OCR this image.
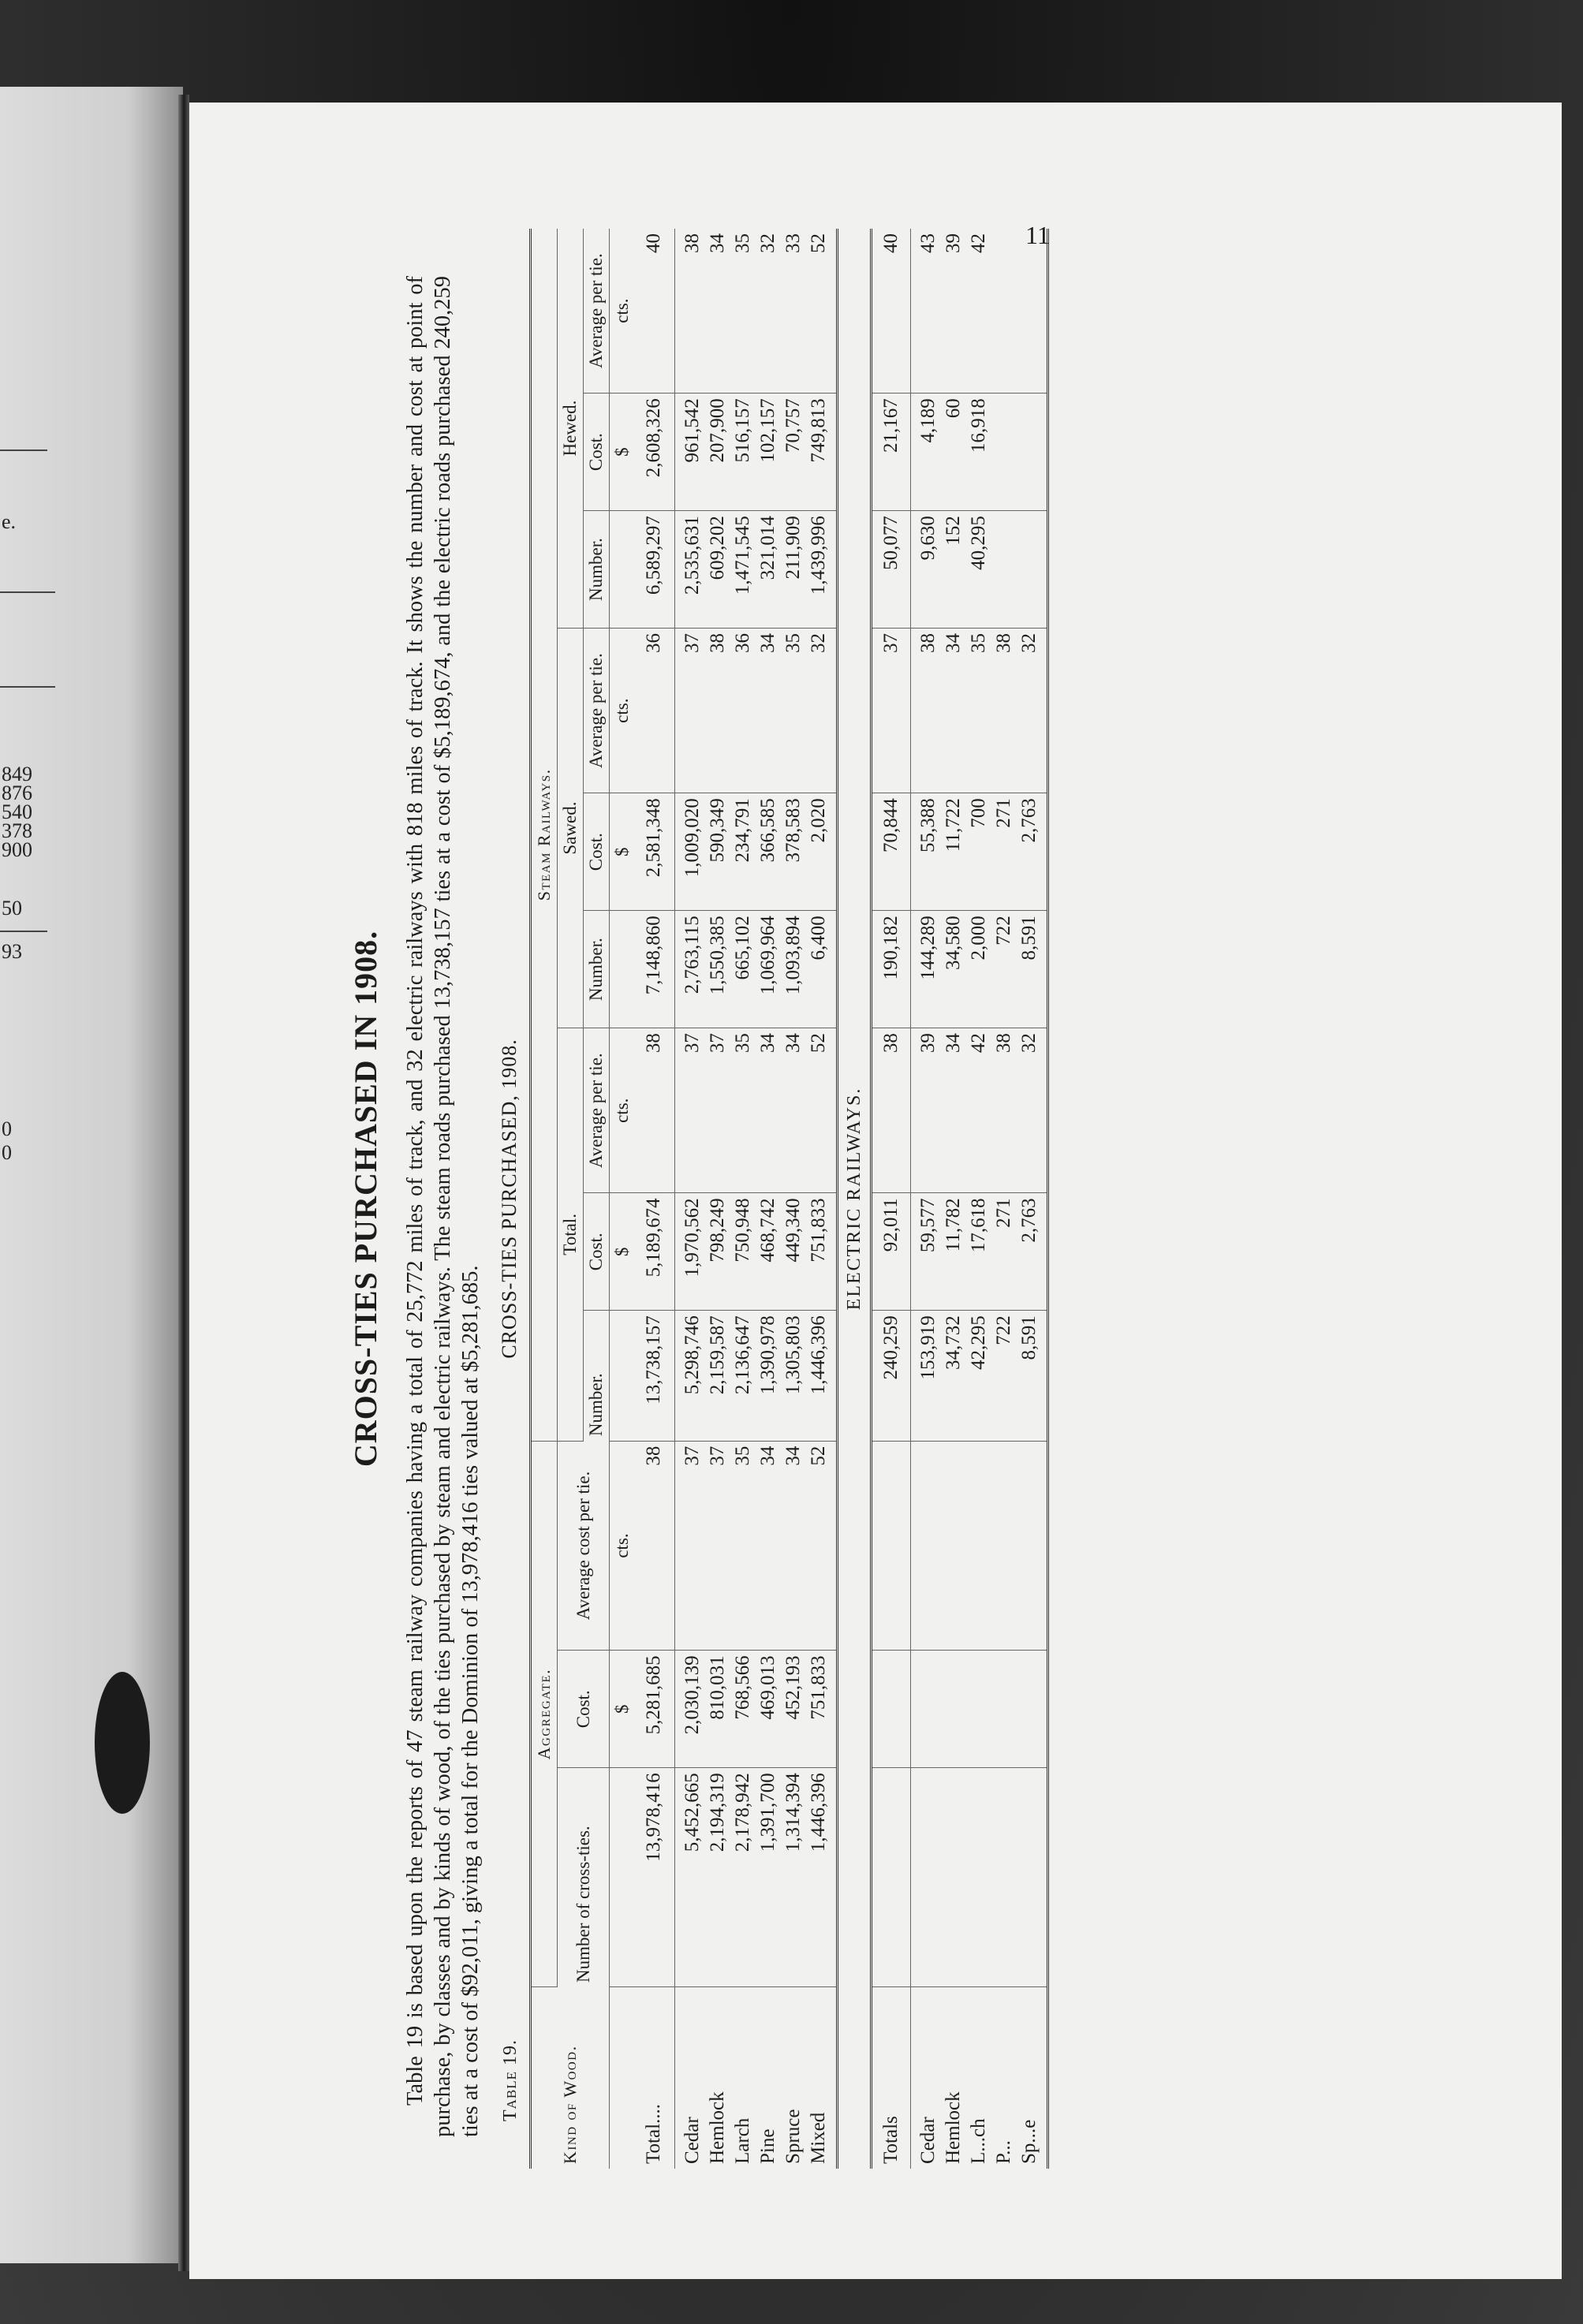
e.
849
876
540
378
900
50
93
0
0
11
CROSS-TIES PURCHASED IN 1908. Table 19 is based upon the reports of 47 steam railway companies having a total of 25,772 miles of track, and 32 electric railways with 818 miles of track. It shows the number and cost at point of purchase, by classes and by kinds of wood, of the ties purchased by steam and electric railways. The steam roads purchased 13,738,157 ties at a cost of $5,189,674, and the electric roads purchased 240,259 ties at a cost of $92,011, giving a total for the Dominion of 13,978,416 ties valued at $5,281,685. Table 19.
CROSS-TIES PURCHASED, 1908.
Kind of Wood.	Aggregate.			Steam Railways.								
	Number of cross-ties.	Cost.	Average cost per tie.	Total.			Sawed.			Hewed.		
				Number.	Cost.	Average per tie.	Number.	Cost.	Average per tie.	Number.	Cost.	Average per tie.
		$	cts.		$	cts.		$	cts.		$	cts.
Total....	13,978,416	5,281,685	38	13,738,157	5,189,674	38	7,148,860	2,581,348	36	6,589,297	2,608,326	40
Cedar	5,452,665	2,030,139	37	5,298,746	1,970,562	37	2,763,115	1,009,020	37	2,535,631	961,542	38
Hemlock	2,194,319	810,031	37	2,159,587	798,249	37	1,550,385	590,349	38	609,202	207,900	34
Larch	2,178,942	768,566	35	2,136,647	750,948	35	665,102	234,791	36	1,471,545	516,157	35
Pine	1,391,700	469,013	34	1,390,978	468,742	34	1,069,964	366,585	34	321,014	102,157	32
Spruce	1,314,394	452,193	34	1,305,803	449,340	34	1,093,894	378,583	35	211,909	70,757	33
Mixed	1,446,396	751,833	52	1,446,396	751,833	52	6,400	2,020	32	1,439,996	749,813	52
ELECTRIC RAILWAYS.												
Totals				240,259	92,011	38	190,182	70,844	37	50,077	21,167	40
Cedar				153,919	59,577	39	144,289	55,388	38	9,630	4,189	43
Hemlock				34,732	11,782	34	34,580	11,722	34	152	60	39
L...ch				42,295	17,618	42	2,000	700	35	40,295	16,918	42
P...				722	271	38	722	271	38			
Sp...e				8,591	2,763	32	8,591	2,763	32			
